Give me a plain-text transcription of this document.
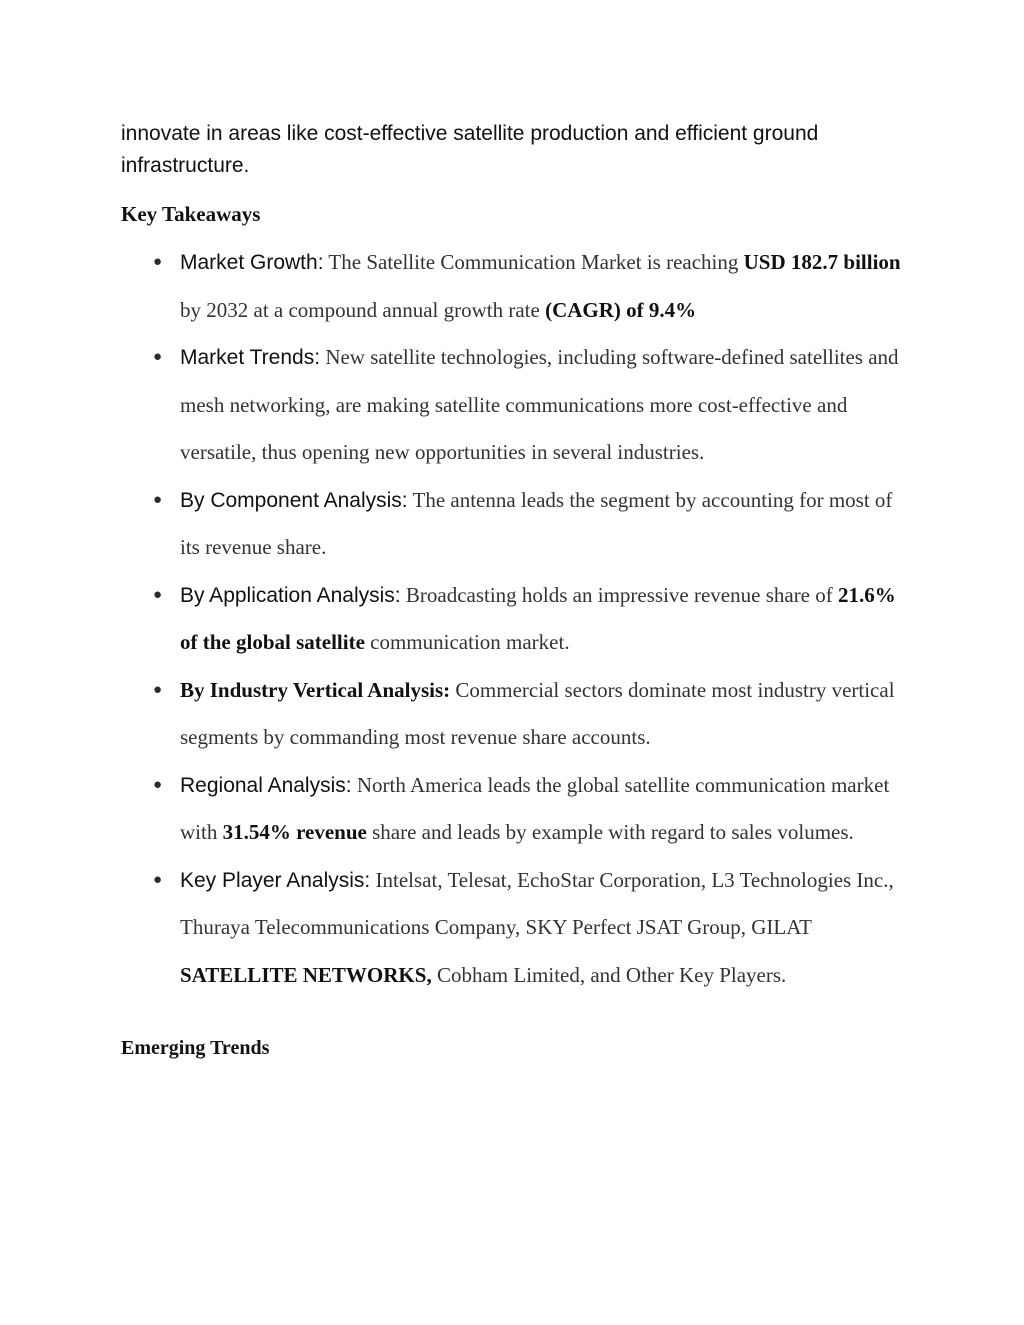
innovate in areas like cost-effective satellite production and efficient ground infrastructure.

Key Takeaways

● Market Growth: The Satellite Communication Market is reaching USD 182.7 billion by 2032 at a compound annual growth rate (CAGR) of 9.4%
● Market Trends: New satellite technologies, including software-defined satellites and mesh networking, are making satellite communications more cost-effective and versatile, thus opening new opportunities in several industries.
● By Component Analysis: The antenna leads the segment by accounting for most of its revenue share.
● By Application Analysis: Broadcasting holds an impressive revenue share of 21.6% of the global satellite communication market.
● By Industry Vertical Analysis: Commercial sectors dominate most industry vertical segments by commanding most revenue share accounts.
● Regional Analysis: North America leads the global satellite communication market with 31.54% revenue share and leads by example with regard to sales volumes.
● Key Player Analysis: Intelsat, Telesat, EchoStar Corporation, L3 Technologies Inc., Thuraya Telecommunications Company, SKY Perfect JSAT Group, GILAT SATELLITE NETWORKS, Cobham Limited, and Other Key Players.

Emerging Trends
